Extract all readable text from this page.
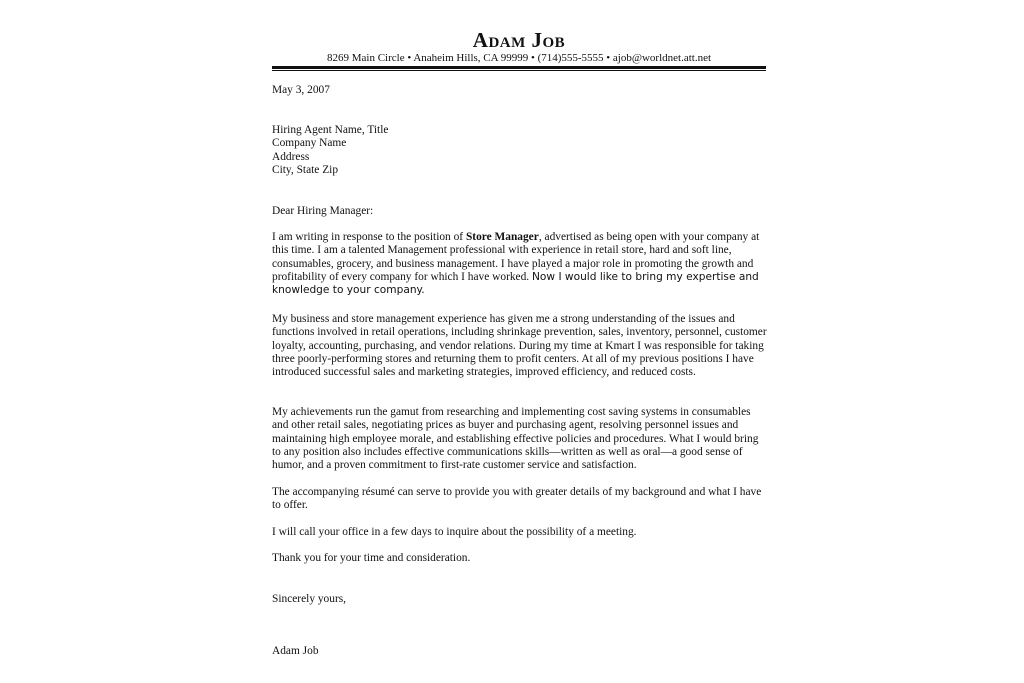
Adam Job
8269 Main Circle • Anaheim Hills, CA 99999 • (714)555-5555 • ajob@worldnet.att.net
May 3, 2007

Hiring Agent Name, Title

Company Name

Address

City, State Zip

Dear Hiring Manager:
I am writing in response to the position of Store Manager, advertised as being open with your company at this time. I am a talented Management professional with experience in retail store, hard and soft line, consumables, grocery, and business management. I have played a major role in promoting the growth and profitability of every company for which I have worked. Now I would like to bring my expertise and knowledge to your company.
My business and store management experience has given me a strong understanding of the issues and functions involved in retail operations, including shrinkage prevention, sales, inventory, personnel, customer loyalty, accounting, purchasing, and vendor relations. During my time at Kmart I was responsible for taking three poorly-performing stores and returning them to profit centers. At all of my previous positions I have introduced successful sales and marketing strategies, improved efficiency, and reduced costs.
My achievements run the gamut from researching and implementing cost saving systems in consumables and other retail sales, negotiating prices as buyer and purchasing agent, resolving personnel issues and maintaining high employee morale, and establishing effective policies and procedures. What I would bring to any position also includes effective communications skills—written as well as oral—a good sense of humor, and a proven commitment to first-rate customer service and satisfaction.
The accompanying résumé can serve to provide you with greater details of my background and what I have to offer.
I will call your office in a few days to inquire about the possibility of a meeting.
Thank you for your time and consideration.
Sincerely yours,
Adam Job
